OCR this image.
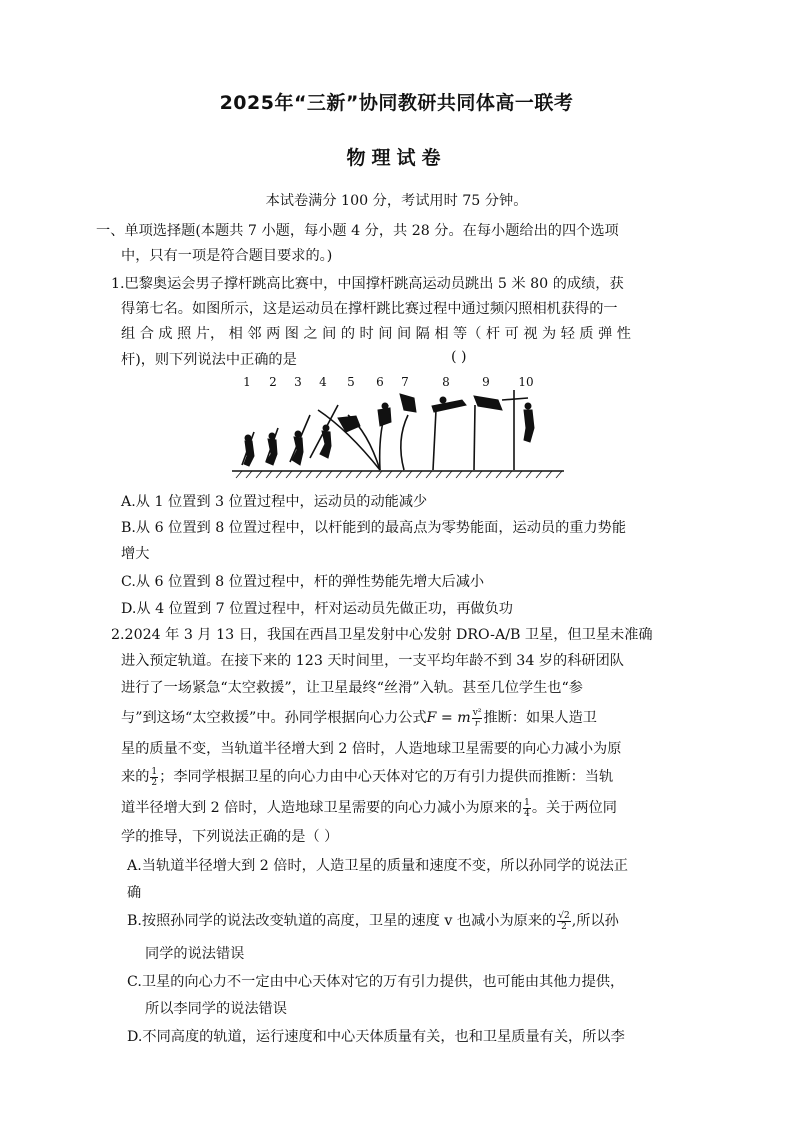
2025年“三新”协同教研共同体高一联考
物理试卷
本试卷满分 100 分，考试用时 75 分钟。
一、单项选择题(本题共 7 小题，每小题 4 分，共 28 分。在每小题给出的四个选项
中，只有一项是符合题目要求的。)
1.巴黎奥运会男子撑杆跳高比赛中，中国撑杆跳高运动员跳出 5 米 80 的成绩，获
得第七名。如图所示，这是运动员在撑杆跳比赛过程中通过频闪照相机获得的一
组 合 成 照 片， 相 邻 两 图 之 间 的 时 间 间 隔 相 等（ 杆 可 视 为 轻 质 弹 性
杆)，则下列说法中正确的是	( )
1 2 3 4 5 6 7	8	9 10
A.从 1 位置到 3 位置过程中，运动员的动能减少
B.从 6 位置到 8 位置过程中，以杆能到的最高点为零势能面，运动员的重力势能
增大
C.从 6 位置到 8 位置过程中，杆的弹性势能先增大后减小
D.从 4 位置到 7 位置过程中，杆对运动员先做正功，再做负功
2.2024 年 3 月 13 日，我国在西昌卫星发射中心发射 DRO-A/B 卫星，但卫星未准确
进入预定轨道。在接下来的 123 天时间里，一支平均年龄不到 34 岁的科研团队
进行了一场紧急“太空救援”，让卫星最终“丝滑”入轨。甚至几位学生也“参
与”到这场“太空救援”中。孙同学根据向心力公式F = m $\frac{\text{v²}}{r}$ 推断：如果人造卫
星的质量不变，当轨道半径增大到 2 倍时，人造地球卫星需要的向心力减小为原
来的 $\frac{1}{2}$ ；李同学根据卫星的向心力由中心天体对它的万有引力提供而推断：当轨
道半径增大到 2 倍时，人造地球卫星需要的向心力减小为原来的 $\frac{1}{4}$ 。关于两位同
学的推导，下列说法正确的是（ ）
A.当轨道半径增大到 2 倍时，人造卫星的质量和速度不变，所以孙同学的说法正
确
B.按照孙同学的说法改变轨道的高度，卫星的速度 v 也减小为原来的 $\frac{√2}{2}$ ,所以孙
同学的说法错误
C.卫星的向心力不一定由中心天体对它的万有引力提供，也可能由其他力提供，
所以李同学的说法错误
D.不同高度的轨道，运行速度和中心天体质量有关，也和卫星质量有关，所以李
